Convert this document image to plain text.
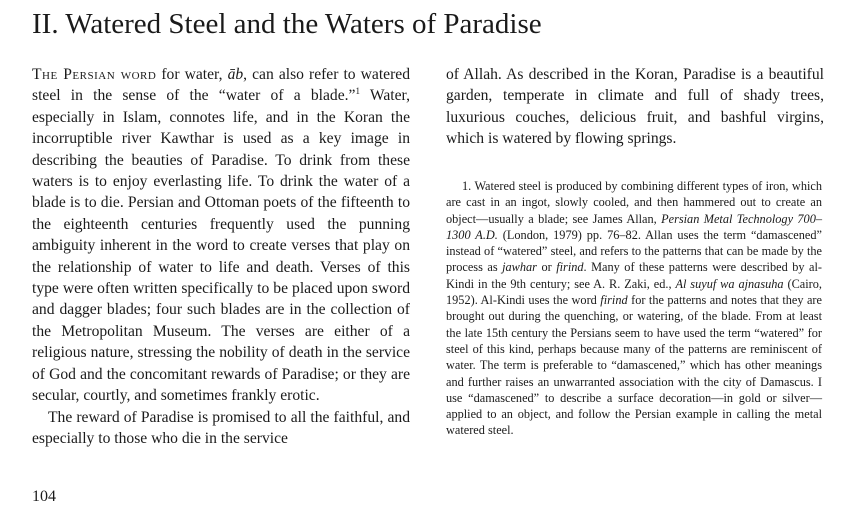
II. Watered Steel and the Waters of Paradise

The Persian word for water, āb, can also refer to watered steel in the sense of the “water of a blade.”$^1$ Water, especially in Islam, connotes life, and in the Koran the incorruptible river Kawthar is used as a key image in describing the beauties of Paradise. To drink from these waters is to enjoy everlasting life. To drink the water of a blade is to die. Persian and Ottoman poets of the fifteenth to the eighteenth centuries frequently used the punning ambiguity inherent in the word to create verses that play on the relationship of water to life and death. Verses of this type were often written specifically to be placed upon sword and dagger blades; four such blades are in the collection of the Metropolitan Museum. The verses are either of a religious nature, stressing the nobility of death in the service of God and the concomitant rewards of Paradise; or they are secular, courtly, and sometimes frankly erotic.

The reward of Paradise is promised to all the faithful, and especially to those who die in the service

of Allah. As described in the Koran, Paradise is a beautiful garden, temperate in climate and full of shady trees, luxurious couches, delicious fruit, and bashful virgins, which is watered by flowing springs.

1. Watered steel is produced by combining different types of iron, which are cast in an ingot, slowly cooled, and then hammered out to create an object—usually a blade; see James Allan, Persian Metal Technology 700–1300 A.D. (London, 1979) pp. 76–82. Allan uses the term “damascened” instead of “watered” steel, and refers to the patterns that can be made by the process as jawhar or firind. Many of these patterns were described by al-Kindi in the 9th century; see A. R. Zaki, ed., Al suyuf wa ajnasuha (Cairo, 1952). Al-Kindi uses the word firind for the patterns and notes that they are brought out during the quenching, or watering, of the blade. From at least the late 15th century the Persians seem to have used the term “watered” for steel of this kind, perhaps because many of the patterns are reminiscent of water. The term is preferable to “damascened,” which has other meanings and further raises an unwarranted association with the city of Damascus. I use “damascened” to describe a surface decoration—in gold or silver—applied to an object, and follow the Persian example in calling the metal watered steel.

104
